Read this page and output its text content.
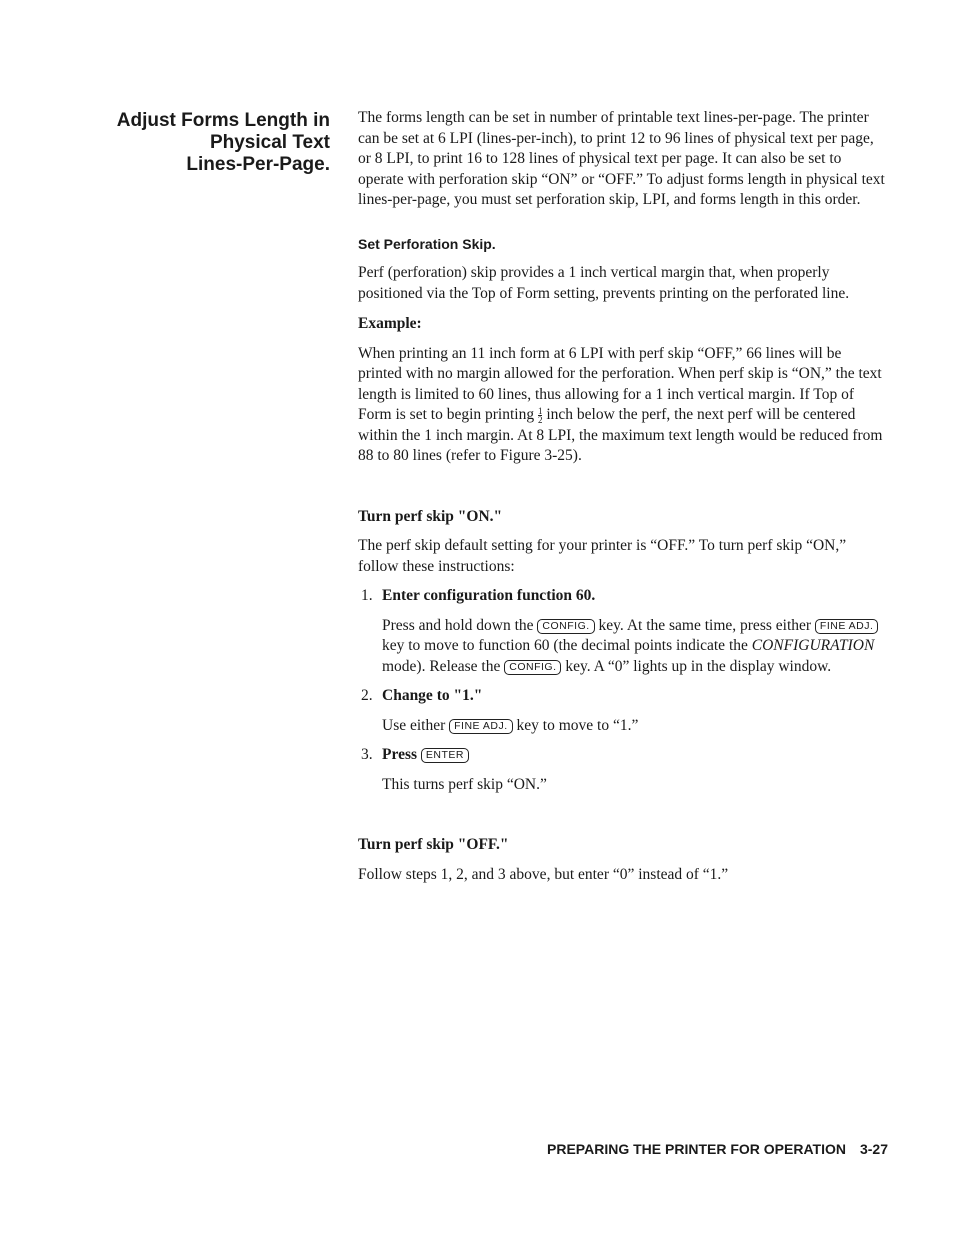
Adjust Forms Length in
Physical Text
Lines-Per-Page.

The forms length can be set in number of printable text lines-per-page. The printer can be set at 6 LPI (lines-per-inch), to print 12 to 96 lines of physical text per page, or 8 LPI, to print 16 to 128 lines of physical text per page. It can also be set to operate with perforation skip “ON” or “OFF.” To adjust forms length in physical text lines-per-page, you must set perforation skip, LPI, and forms length in this order.

Set Perforation Skip.

Perf (perforation) skip provides a 1 inch vertical margin that, when properly positioned via the Top of Form setting, prevents printing on the perforated line.

Example:

When printing an 11 inch form at 6 LPI with perf skip “OFF,” 66 lines will be printed with no margin allowed for the perforation. When perf skip is “ON,” the text length is limited to 60 lines, thus allowing for a 1 inch vertical margin. If Top of Form is set to begin printing $\frac{1}{2}$ inch below the perf, the next perf will be centered within the 1 inch margin. At 8 LPI, the maximum text length would be reduced from 88 to 80 lines (refer to Figure 3-25).

Turn perf skip "ON."

The perf skip default setting for your printer is “OFF.” To turn perf skip “ON,” follow these instructions:

1. Enter configuration function 60.

Press and hold down the CONFIG. key. At the same time, press either FINE ADJ. key to move to function 60 (the decimal points indicate the CONFIGURATION mode). Release the CONFIG. key. A “0” lights up in the display window.

2. Change to "1."

Use either FINE ADJ. key to move to “1.”

3. Press ENTER

This turns perf skip “ON.”

Turn perf skip "OFF."

Follow steps 1, 2, and 3 above, but enter “0” instead of “1.”

PREPARING THE PRINTER FOR OPERATION 3-27
